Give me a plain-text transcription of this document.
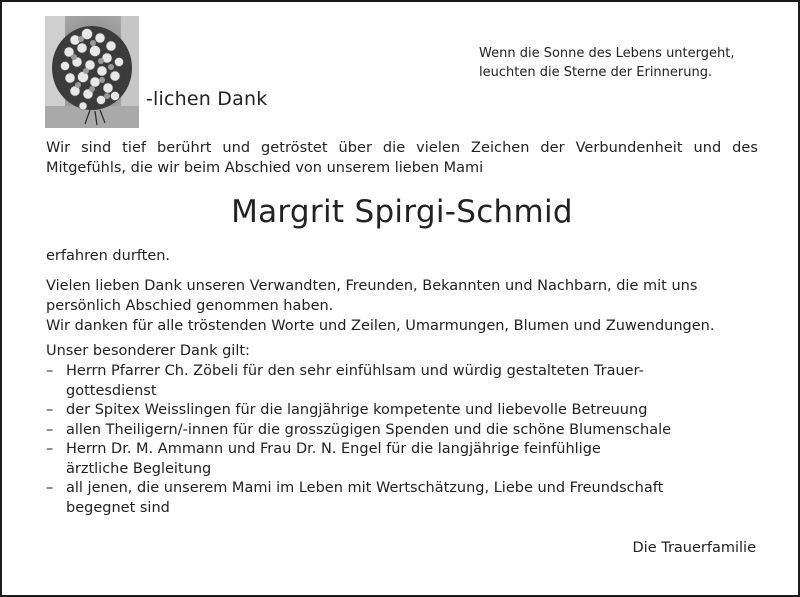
-lichen Dank
Wenn die Sonne des Lebens untergeht,
leuchten die Sterne der Erinnerung.
Wir sind tief berührt und getröstet über die vielen Zeichen der Verbundenheit und des
Mitgefühls, die wir beim Abschied von unserem lieben Mami
Margrit Spirgi-Schmid
erfahren durften.
Vielen lieben Dank unseren Verwandten, Freunden, Bekannten und Nachbarn, die mit uns
persönlich Abschied genommen haben.
Wir danken für alle tröstenden Worte und Zeilen, Umarmungen, Blumen und Zuwendungen.
Unser besonderer Dank gilt:
– Herrn Pfarrer Ch. Zöbeli für den sehr einfühlsam und würdig gestalteten Trauer-
gottesdienst
– der Spitex Weisslingen für die langjährige kompetente und liebevolle Betreuung
– allen Theiligern/-innen für die grosszügigen Spenden und die schöne Blumenschale
– Herrn Dr. M. Ammann und Frau Dr. N. Engel für die langjährige feinfühlige
ärztliche Begleitung
– all jenen, die unserem Mami im Leben mit Wertschätzung, Liebe und Freundschaft
begegnet sind
Die Trauerfamilie
